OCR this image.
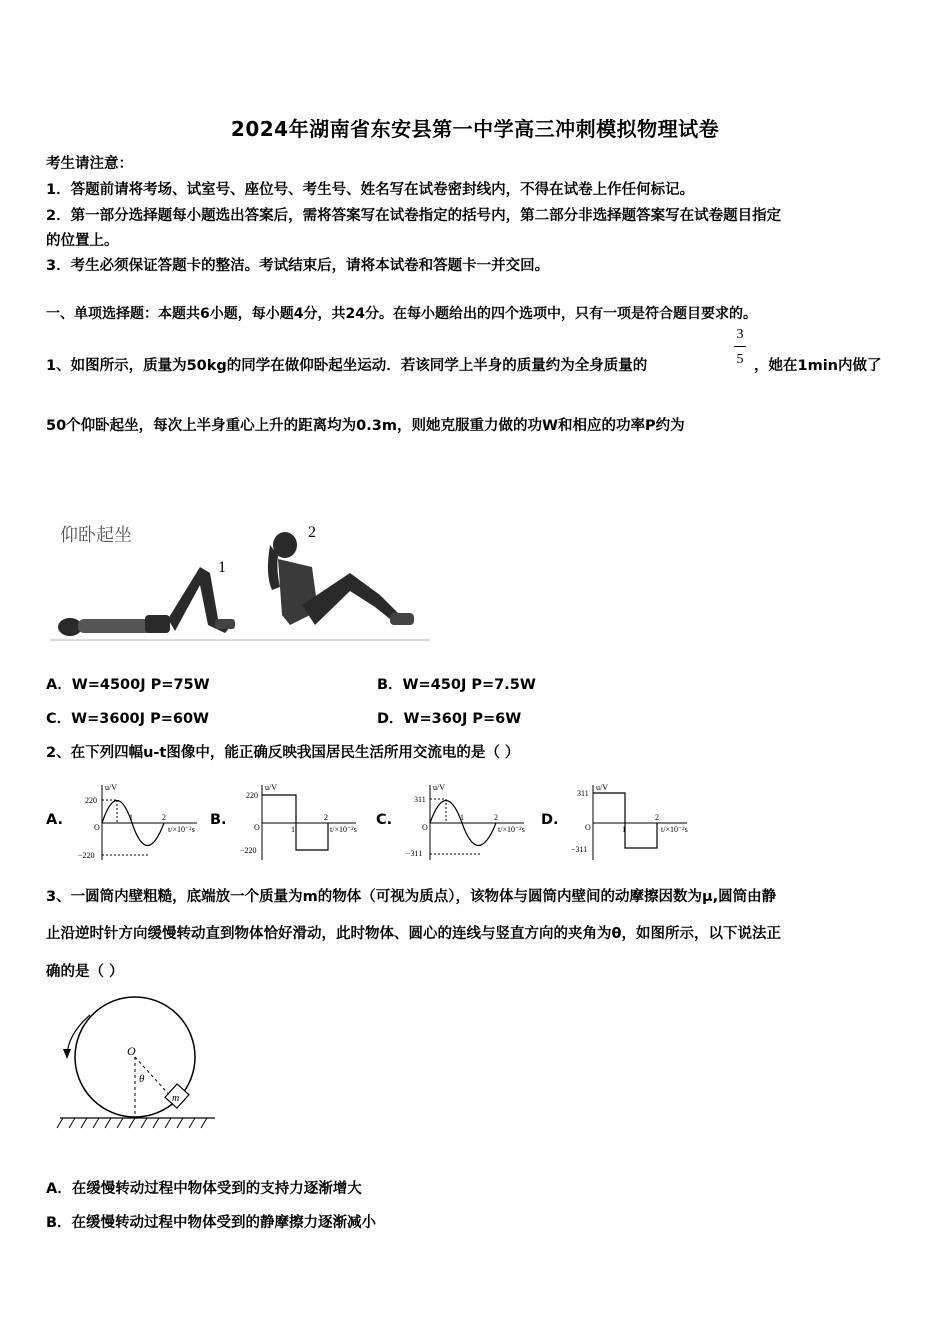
2024年湖南省东安县第一中学高三冲刺模拟物理试卷
考生请注意：
1．答题前请将考场、试室号、座位号、考生号、姓名写在试卷密封线内，不得在试卷上作任何标记。
2．第一部分选择题每小题选出答案后，需将答案写在试卷指定的括号内，第二部分非选择题答案写在试卷题目指定
的位置上。
3．考生必须保证答题卡的整洁。考试结束后，请将本试卷和答题卡一并交回。
一、单项选择题：本题共6小题，每小题4分，共24分。在每小题给出的四个选项中，只有一项是符合题目要求的。
1、如图所示，质量为50kg的同学在做仰卧起坐运动．若该同学上半身的质量约为全身质量的
3
5 ，她在1min内做了
50个仰卧起坐，每次上半身重心上升的距离均为0.3m，则她克服重力做的功W和相应的功率P约为
仰卧起坐
1
2
A．W=4500J P=75W	B．W=450J P=7.5W
C．W=3600J P=60W	D．W=360J P=6W
2、在下列四幅u-t图像中，能正确反映我国居民生活所用交流电的是（ ）
A.
u/V
220
−220
O
1	2
t/×10⁻²s
B.
u/V
220
−220
O	1
2
t/×10⁻²s
C.
u/V
311
−311
O
1	2
t/×10⁻²s
D.
u/V
311
−311
O	1
2
t/×10⁻²s
3、一圆筒内壁粗糙，底端放一个质量为m的物体（可视为质点），该物体与圆筒内壁间的动摩擦因数为μ,圆筒由静
止沿逆时针方向缓慢转动直到物体恰好滑动，此时物体、圆心的连线与竖直方向的夹角为θ，如图所示，以下说法正
确的是（ ）
O
θ
m
A．在缓慢转动过程中物体受到的支持力逐渐增大
B．在缓慢转动过程中物体受到的静摩擦力逐渐减小
